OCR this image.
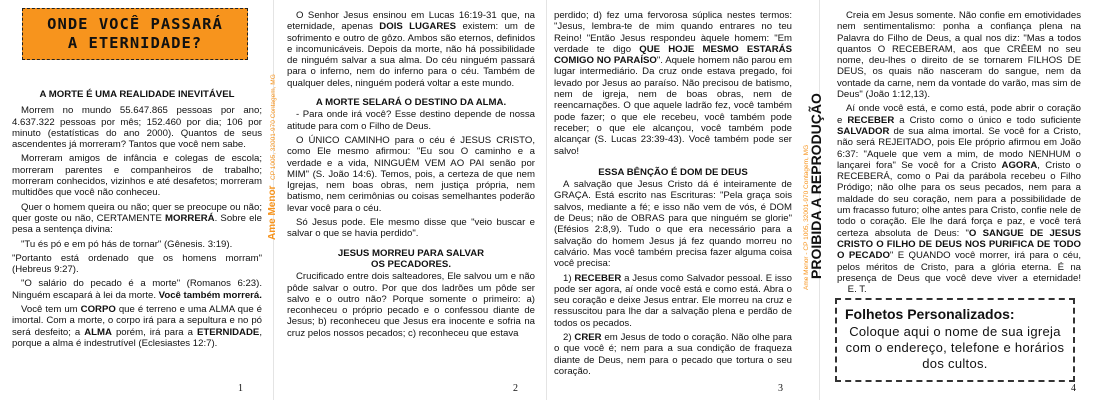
ONDE VOCÊ PASSARÁ
A ETERNIDADE?
A MORTE É UMA REALIDADE INEVITÁVEL

Morrem no mundo 55.647.865 pessoas por ano; 4.637.322 pessoas por mês; 152.460 por dia; 106 por minuto (estatísticas do ano 2000). Quantos de seus ascendentes já morreram? Tantos que você nem sabe.

Morreram amigos de infância e colegas de escola; morreram parentes e companheiros de trabalho; morreram conhecidos, vizinhos e até desafetos; morreram multidões que você não conheceu.

Quer o homem queira ou não; quer se preocupe ou não; quer goste ou não, CERTAMENTE MORRERÁ. Sobre ele pesa a sentença divina:

"Tu és pó e em pó hás de tornar" (Gênesis. 3:19).

"Portanto está ordenado que os homens morram" (Hebreus 9:27).

"O salário do pecado é a morte" (Romanos 6:23). Ninguém escapará à lei da morte. Você também morrerá.

Você tem um CORPO que é terreno e uma ALMA que é imortal. Com a morte, o corpo irá para a sepultura e no pó será desfeito; a ALMA porém, irá para a ETERNIDADE, porque a alma é indestrutível (Eclesiastes 12:7).

1
Ame Menor  CP 1005, 32001-970 Contagem, MG

O Senhor Jesus ensinou em Lucas 16:19-31 que, na eternidade, apenas DOIS LUGARES existem: um de sofrimento e outro de gôzo. Ambos são eternos, definidos e incomunicáveis. Depois da morte, não há possibilidade de ninguém salvar a sua alma. Do céu ninguém passará para o inferno, nem do inferno para o céu. Também de qualquer deles, ninguém poderá voltar a este mundo.

A MORTE SELARÁ O DESTINO DA ALMA.

- Para onde irá você? Esse destino depende de nossa atitude para com o Filho de Deus.

O ÚNICO CAMINHO para o céu é JESUS CRISTO, como Ele mesmo afirmou: "Eu sou O caminho e a verdade e a vida, NINGUÉM VEM AO PAI senão por MIM" (S. João 14:6). Temos, pois, a certeza de que nem Igrejas, nem boas obras, nem justiça própria, nem batismo, nem cerimônias ou coisas semelhantes poderão levar você para o céu.

Só Jesus pode. Ele mesmo disse que "veio buscar e salvar o que se havia perdido".

JESUS MORREU PARA SALVAR
OS PECADORES.

Crucificado entre dois salteadores, Ele salvou um e não pôde salvar o outro. Por que dos ladrões um pôde ser salvo e o outro não? Porque somente o primeiro: a) reconheceu o próprio pecado e o confessou diante de Jesus; b) reconheceu que Jesus era inocente e sofria na cruz pelos nossos pecados; c) reconheceu que estava

2

perdido; d) fez uma fervorosa súplica nestes termos: "Jesus, lembra-te de mim quando entrares no teu Reino! "Então Jesus respondeu àquele homem: "Em verdade te digo QUE HOJE MESMO ESTARÁS COMIGO NO PARAÍSO". Aquele homem não parou em lugar intermediário. Da cruz onde estava pregado, foi levado por Jesus ao paraíso. Não precisou de batismo, nem de igreja, nem de boas obras, nem de reencarnações. O que aquele ladrão fez, você também pode fazer; o que ele recebeu, você também pode receber; o que ele alcançou, você também pode alcançar (S. Lucas 23:39-43). Você também pode ser salvo!

ESSA BÊNÇÃO É DOM DE DEUS

A salvação que Jesus Cristo dá é inteiramente de GRAÇA. Está escrito nas Escrituras: "Pela graça sois salvos, mediante a fé; e isso não vem de vós, é DOM de Deus; não de OBRAS para que ninguém se glorie" (Efésios 2:8,9). Tudo o que era necessário para a salvação do homem Jesus já fez quando morreu no calvário. Mas você também precisa fazer alguma coisa você precisa:

1) RECEBER a Jesus como Salvador pessoal. E isso pode ser agora, aí onde você está e como está. Abra o seu coração e deixe Jesus entrar. Ele morreu na cruz e ressuscitou para lhe dar a salvação plena e perdão de todos os pecados.

2) CRER em Jesus de todo o coração. Não olhe para o que você é; nem para a sua condição de fraqueza diante de Deus, nem para o pecado que tortura o seu coração.

3
Ame Menor - CP 1005, 32001-970 Contagem, MG
PROIBIDA A REPRODUÇÃO

Creia em Jesus somente. Não confie em emotividades nem sentimentalismo: ponha a confiança plena na Palavra do Filho de Deus, a qual nos diz: "Mas a todos quantos O RECEBERAM, aos que CRÊEM no seu nome, deu-lhes o direito de se tornarem FILHOS DE DEUS, os quais não nasceram do sangue, nem da vontade da carne, nem da vontade do varão, mas sim de Deus" (João 1:12,13).

Aí onde você está, e como está, pode abrir o coração e RECEBER a Cristo como o único e todo suficiente SALVADOR de sua alma imortal. Se você for a Cristo, não será REJEITADO, pois Ele próprio afirmou em João 6:37: "Aquele que vem a mim, de modo NENHUM o lançarei fora" Se você for a Cristo AGORA, Cristo o RECEBERÁ, como o Pai da parábola recebeu o Filho Pródigo; não olhe para os seus pecados, nem para a maldade do seu coração, nem para a possibilidade de um fracasso futuro; olhe antes para Cristo, confie nele de todo o coração. Ele lhe dará força e paz, e você terá certeza absoluta de Deus: "O SANGUE DE JESUS CRISTO O FILHO DE DEUS NOS PURIFICA DE TODO O PECADO" E QUANDO você morrer, irá para o céu, pelos méritos de Cristo, para a glória eterna. É na presença de Deus que você deve viver a eternidade!     E. T.

4
Folhetos Personalizados:
Coloque aqui o nome de sua igreja com o endereço, telefone e horários dos cultos.
